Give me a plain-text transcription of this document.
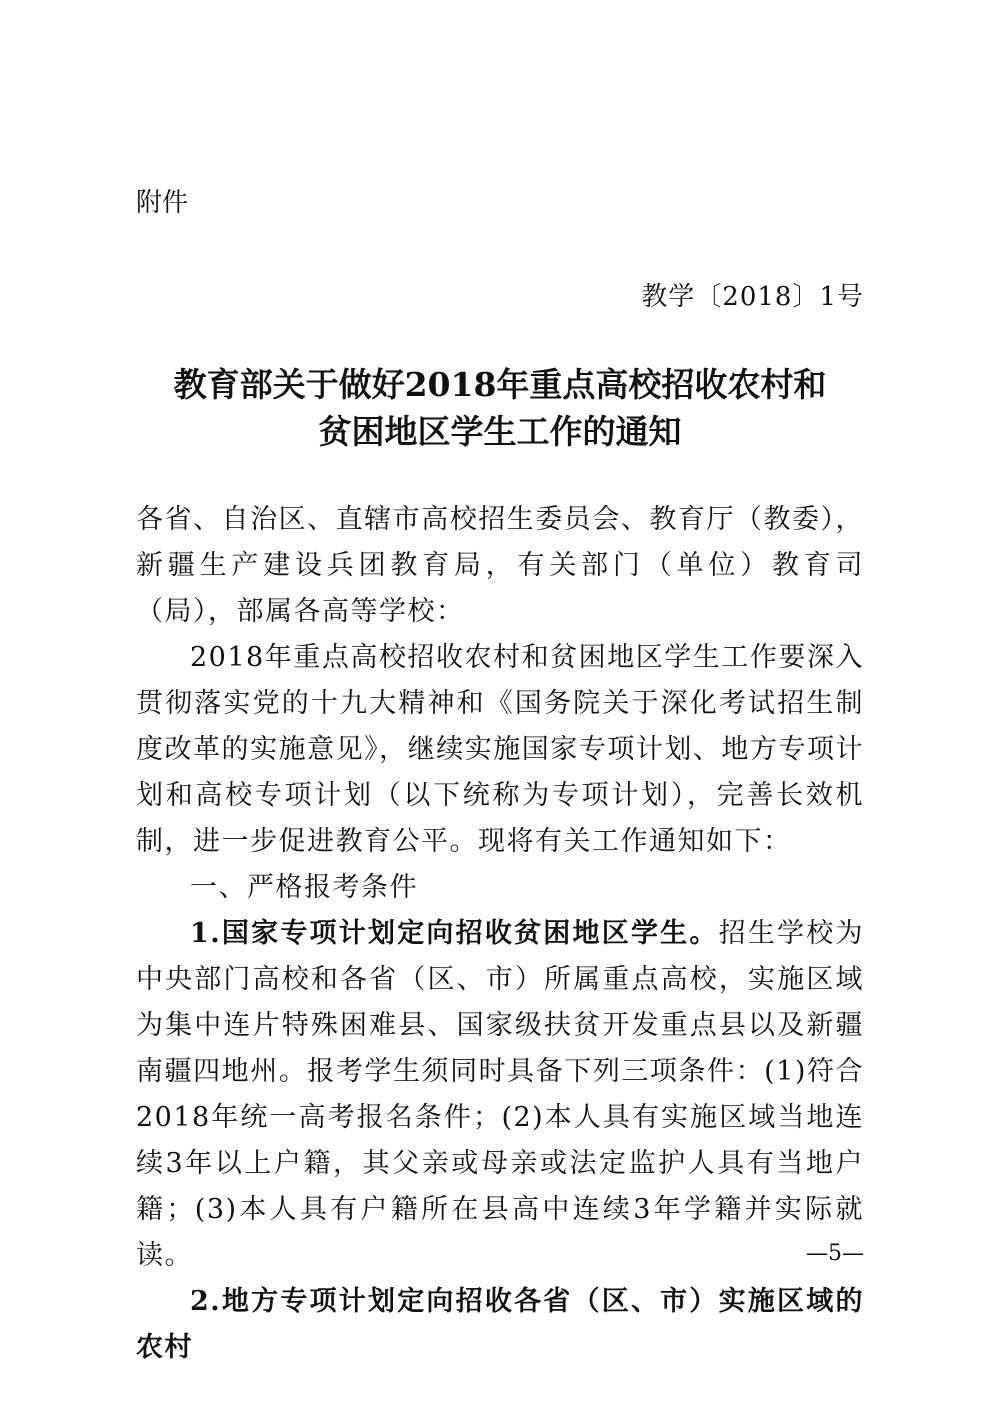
附件
教学〔2018〕1号
教育部关于做好2018年重点高校招收农村和
贫困地区学生工作的通知

各省、自治区、直辖市高校招生委员会、教育厅（教委），新疆生产建设兵团教育局，有关部门（单位）教育司（局），部属各高等学校：

2018年重点高校招收农村和贫困地区学生工作要深入贯彻落实党的十九大精神和《国务院关于深化考试招生制度改革的实施意见》，继续实施国家专项计划、地方专项计划和高校专项计划（以下统称为专项计划），完善长效机制，进一步促进教育公平。现将有关工作通知如下：

一、严格报考条件

1.国家专项计划定向招收贫困地区学生。招生学校为中央部门高校和各省（区、市）所属重点高校，实施区域为集中连片特殊困难县、国家级扶贫开发重点县以及新疆南疆四地州。报考学生须同时具备下列三项条件：(1)符合2018年统一高考报名条件；(2)本人具有实施区域当地连续3年以上户籍，其父亲或母亲或法定监护人具有当地户籍；(3)本人具有户籍所在县高中连续3年学籍并实际就读。

2.地方专项计划定向招收各省（区、市）实施区域的农村

—5—
